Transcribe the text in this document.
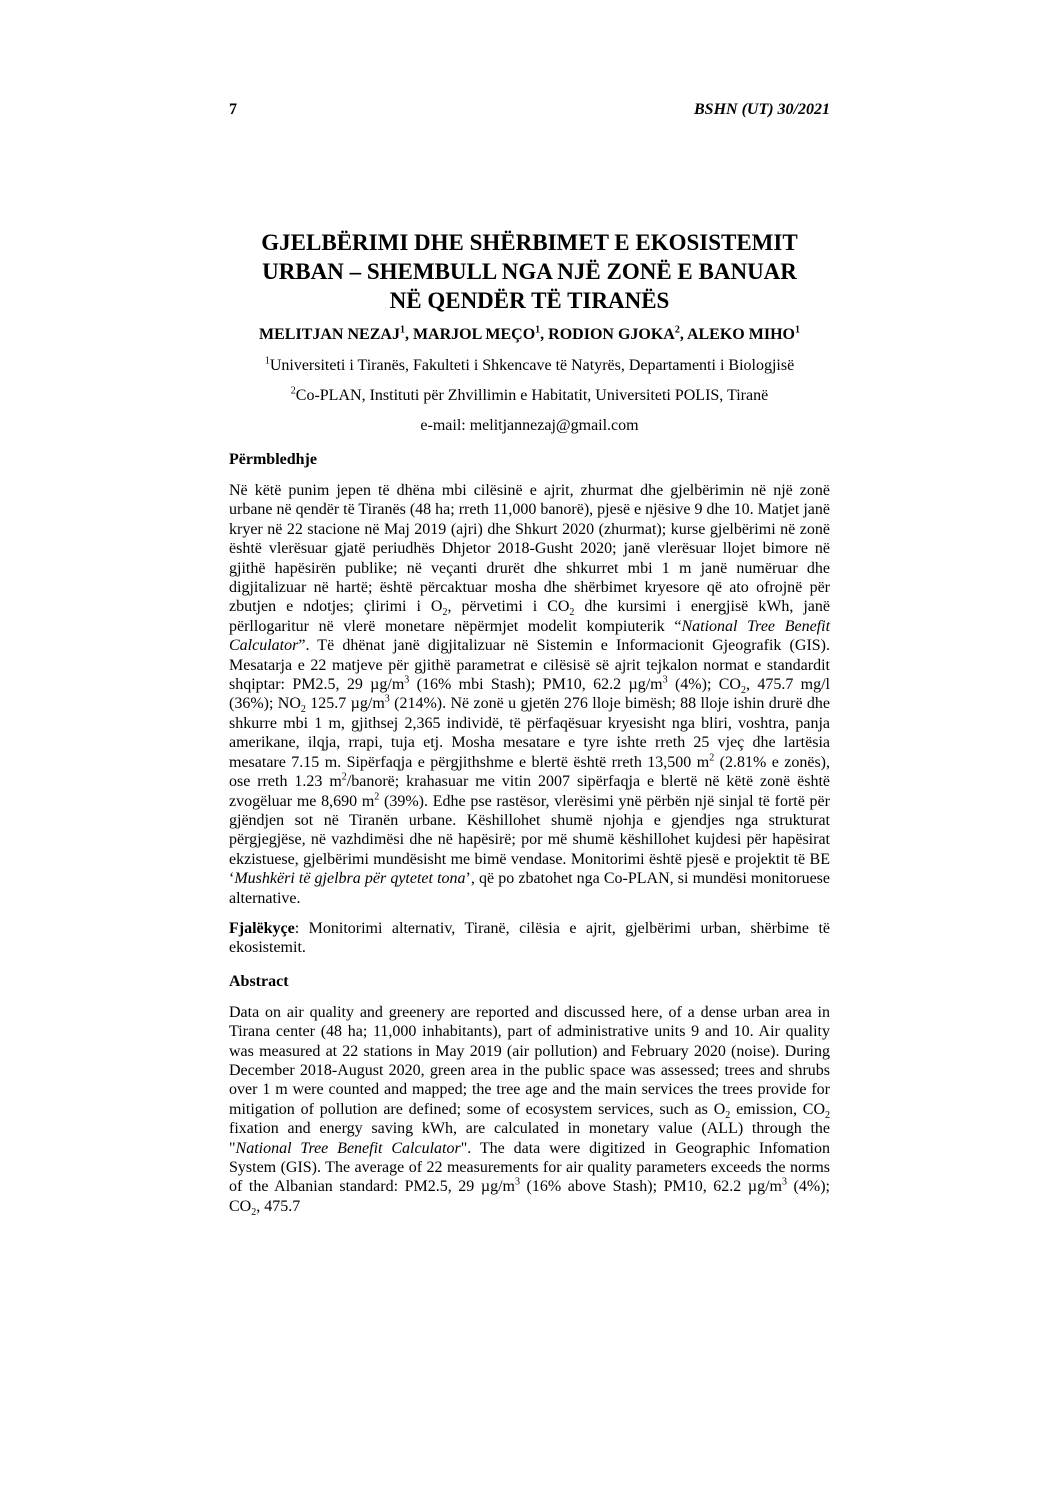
7	BSHN (UT) 30/2021
GJELBËRIMI DHE SHËRBIMET E EKOSISTEMIT
URBAN – SHEMBULL NGA NJË ZONË E BANUAR
NË QENDËR TË TIRANËS
MELITJAN NEZAJ$^1$, MARJOL MEÇO$^1$, RODION GJOKA$^2$, ALEKO MIHO$^1$
$^1$Universiteti i Tiranës, Fakulteti i Shkencave të Natyrës, Departamenti i Biologjisë
$^2$Co-PLAN, Instituti për Zhvillimin e Habitatit, Universiteti POLIS, Tiranë
e-mail: melitjannezaj@gmail.com
Përmbledhje
Në këtë punim jepen të dhëna mbi cilësinë e ajrit, zhurmat dhe gjelbërimin në një zonë urbane në qendër të Tiranës (48 ha; rreth 11,000 banorë), pjesë e njësive 9 dhe 10. Matjet janë kryer në 22 stacione në Maj 2019 (ajri) dhe Shkurt 2020 (zhurmat); kurse gjelbërimi në zonë është vlerësuar gjatë periudhës Dhjetor 2018-Gusht 2020; janë vlerësuar llojet bimore në gjithë hapësirën publike; në veçanti drurët dhe shkurret mbi 1 m janë numëruar dhe digjitalizuar në hartë; është përcaktuar mosha dhe shërbimet kryesore që ato ofrojnë për zbutjen e ndotjes; çlirimi i $O_2$, përvetimi i $CO_2$ dhe kursimi i energjisë kWh, janë përllogaritur në vlerë monetare nëpërmjet modelit kompiuterik “National Tree Benefit Calculator”. Të dhënat janë digjitalizuar në Sistemin e Informacionit Gjeografik (GIS). Mesatarja e 22 matjeve për gjithë parametrat e cilësisë së ajrit tejkalon normat e standardit shqiptar: PM2.5, 29 $\mu g/m^3$ (16% mbi Stash); PM10, 62.2 $\mu g/m^3$ (4%); $CO_2$, 475.7 mg/l (36%); $NO_2$ 125.7 $\mu g/m^3$ (214%). Në zonë u gjetën 276 lloje bimësh; 88 lloje ishin drurë dhe shkurre mbi 1 m, gjithsej 2,365 individë, të përfaqësuar kryesisht nga bliri, voshtra, panja amerikane, ilqja, rrapi, tuja etj. Mosha mesatare e tyre ishte rreth 25 vjeç dhe lartësia mesatare 7.15 m. Sipërfaqja e përgjithshme e blertë është rreth 13,500 $m^2$ (2.81% e zonës), ose rreth 1.23 $m^2$/banorë; krahasuar me vitin 2007 sipërfaqja e blertë në këtë zonë është zvogëluar me 8,690 $m^2$ (39%). Edhe pse rastësor, vlerësimi ynë përbën një sinjal të fortë për gjëndjen sot në Tiranën urbane. Këshillohet shumë njohja e gjendjes nga strukturat përgjegjëse, në vazhdimësi dhe në hapësirë; por më shumë këshillohet kujdesi për hapësirat ekzistuese, gjelbërimi mundësisht me bimë vendase. Monitorimi është pjesë e projektit të BE ‘Mushkëri të gjelbra për qytetet tona’, që po zbatohet nga Co-PLAN, si mundësi monitoruese alternative.
Fjalëkyçe: Monitorimi alternativ, Tiranë, cilësia e ajrit, gjelbërimi urban, shërbime të ekosistemit.
Abstract
Data on air quality and greenery are reported and discussed here, of a dense urban area in Tirana center (48 ha; 11,000 inhabitants), part of administrative units 9 and 10. Air quality was measured at 22 stations in May 2019 (air pollution) and February 2020 (noise). During December 2018-August 2020, green area in the public space was assessed; trees and shrubs over 1 m were counted and mapped; the tree age and the main services the trees provide for mitigation of pollution are defined; some of ecosystem services, such as $O_2$ emission, $CO_2$ fixation and energy saving kWh, are calculated in monetary value (ALL) through the "National Tree Benefit Calculator". The data were digitized in Geographic Infomation System (GIS). The average of 22 measurements for air quality parameters exceeds the norms of the Albanian standard: PM2.5, 29 $\mu g/m^3$ (16% above Stash); PM10, 62.2 $\mu g/m^3$ (4%); $CO_2$, 475.7
